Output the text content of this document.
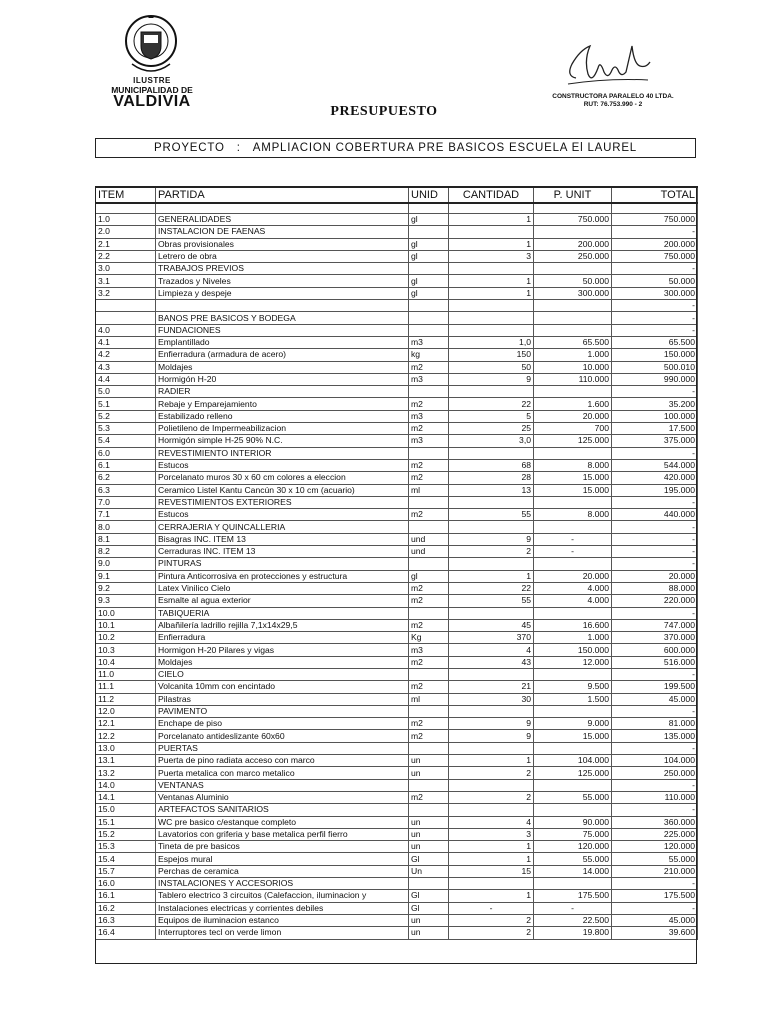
ILUSTRE
MUNICIPALIDAD DE
VALDIVIA	CONSTRUCTORA PARALELO 40 LTDA.
RUT: 76.753.990 - 2
PRESUPUESTO
PROYECTO
:
AMPLIACION COBERTURA PRE BASICOS ESCUELA El LAUREL
ITEM	PARTIDA	UNID	CANTIDAD	P. UNIT	TOTAL

1.0	GENERALIDADES	gl	1	750.000	750.000
2.0	INSTALACION DE FAENAS				-
2.1	Obras provisionales	gl	1	200.000	200.000
2.2	Letrero de obra	gl	3	250.000	750.000
3.0	TRABAJOS PREVIOS				-
3.1	Trazados y Niveles	gl	1	50.000	50.000
3.2	Limpieza y despeje	gl	1	300.000	300.000
					-
	BANOS PRE BASICOS Y BODEGA				-
4.0	FUNDACIONES				-
4.1	Emplantillado	m3	1,0	65.500	65.500
4.2	Enfierradura (armadura de acero)	kg	150	1.000	150.000
4.3	Moldajes	m2	50	10.000	500.010
4.4	Hormigón H-20	m3	9	110.000	990.000
5.0	RADIER				-
5.1	Rebaje y Emparejamiento	m2	22	1.600	35.200
5.2	Estabilizado relleno	m3	5	20.000	100.000
5.3	Polietileno de Impermeabilizacion	m2	25	700	17.500
5.4	Hormigón simple H-25 90% N.C.	m3	3,0	125.000	375.000
6.0	REVESTIMIENTO INTERIOR				-
6.1	Estucos	m2	68	8.000	544.000
6.2	Porcelanato muros 30 x 60 cm colores a eleccion	m2	28	15.000	420.000
6.3	Ceramico Listel Kantu Cancún 30 x 10 cm (acuario)	ml	13	15.000	195.000
7.0	REVESTIMIENTOS EXTERIORES				-
7.1	Estucos	m2	55	8.000	440.000
8.0	CERRAJERIA Y QUINCALLERIA				-
8.1	Bisagras INC. ITEM 13	und	9	-	-
8.2	Cerraduras INC. ITEM 13	und	2	-	-
9.0	PINTURAS				-
9.1	Pintura Anticorrosiva en protecciones y estructura	gl	1	20.000	20.000
9.2	Latex Vinilico Cielo	m2	22	4.000	88.000
9.3	Esmalte al agua exterior	m2	55	4.000	220.000
10.0	TABIQUERIA				-
10.1	Albañilería ladrillo rejilla 7,1x14x29,5	m2	45	16.600	747.000
10.2	Enfierradura	Kg	370	1.000	370.000
10.3	Hormigon H-20 Pilares y vigas	m3	4	150.000	600.000
10.4	Moldajes	m2	43	12.000	516.000
11.0	CIELO				-
11.1	Volcanita 10mm con encintado	m2	21	9.500	199.500
11.2	Pilastras	ml	30	1.500	45.000
12.0	PAVIMENTO				-
12.1	Enchape de piso	m2	9	9.000	81.000
12.2	Porcelanato antideslizante 60x60	m2	9	15.000	135.000
13.0	PUERTAS				-
13.1	Puerta de pino radiata acceso con marco	un	1	104.000	104.000
13.2	Puerta metalica con marco metalico	un	2	125.000	250.000
14.0	VENTANAS				-
14.1	Ventanas Aluminio	m2	2	55.000	110.000
15.0	ARTEFACTOS SANITARIOS				-
15.1	WC pre basico c/estanque completo	un	4	90.000	360.000
15.2	Lavatorios con griferia y base metalica perfil fierro	un	3	75.000	225.000
15.3	Tineta de pre basicos	un	1	120.000	120.000
15.4	Espejos mural	Gl	1	55.000	55.000
15.7	Perchas de ceramica	Un	15	14.000	210.000
16.0	INSTALACIONES Y ACCESORIOS				-
16.1	Tablero electrico 3 circuitos (Calefaccion, iluminacion y	Gl	1	175.500	175.500
16.2	Instalaciones electricas y corrientes debiles	Gl	-	-	-
16.3	Equipos de iluminacion estanco	un	2	22.500	45.000
16.4	Interruptores tecl on verde limon	un	2	19.800	39.600
